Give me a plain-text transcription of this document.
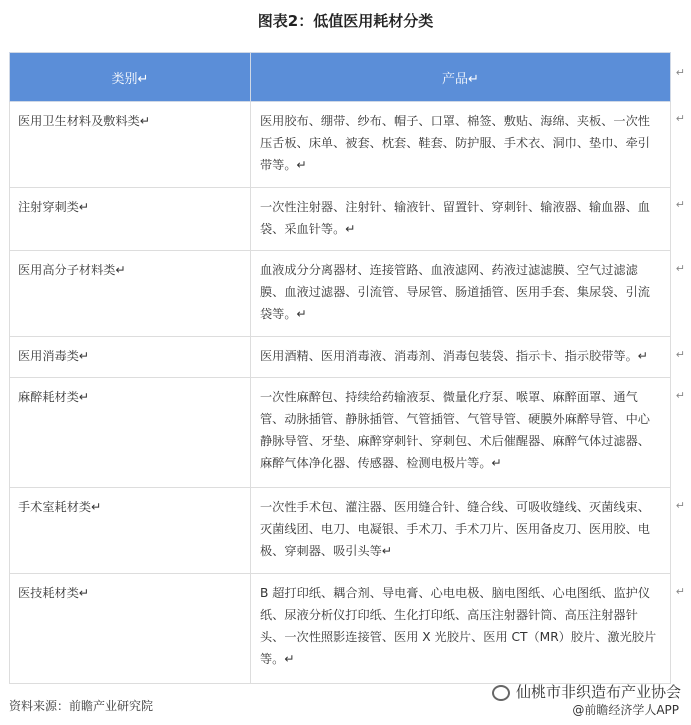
图表2：低值医用耗材分类
类别↵	产品↵
医用卫生材料及敷料类↵	医用胶布、绷带、纱布、帽子、口罩、棉签、敷贴、海绵、夹板、一次性压舌板、床单、被套、枕套、鞋套、防护服、手术衣、洞巾、垫巾、牵引带等。↵
注射穿刺类↵	一次性注射器、注射针、输液针、留置针、穿刺针、输液器、输血器、血袋、采血针等。↵
医用高分子材料类↵	血液成分分离器材、连接管路、血液滤网、药液过滤滤膜、空气过滤滤膜、血液过滤器、引流管、导尿管、肠道插管、医用手套、集尿袋、引流袋等。↵
医用消毒类↵	医用酒精、医用消毒液、消毒剂、消毒包装袋、指示卡、指示胶带等。↵
麻醉耗材类↵	一次性麻醉包、持续给药输液泵、微量化疗泵、喉罩、麻醉面罩、通气管、动脉插管、静脉插管、气管插管、气管导管、硬膜外麻醉导管、中心静脉导管、牙垫、麻醉穿刺针、穿刺包、术后催醒器、麻醉气体过滤器、麻醉气体净化器、传感器、检测电极片等。↵
手术室耗材类↵	一次性手术包、灌注器、医用缝合针、缝合线、可吸收缝线、灭菌线束、灭菌线团、电刀、电凝银、手术刀、手术刀片、医用备皮刀、医用胶、电极、穿刺器、吸引头等↵
医技耗材类↵	B 超打印纸、耦合剂、导电膏、心电电极、脑电图纸、心电图纸、监护仪纸、尿液分析仪打印纸、生化打印纸、高压注射器针筒、高压注射器针头、一次性照影连接管、医用 X 光胶片、医用 CT（MR）胶片、激光胶片等。↵
↵
↵
↵
↵
↵
↵
↵
↵
资料来源：前瞻产业研究院
仙桃市非织造布产业协会
@前瞻经济学人APP
